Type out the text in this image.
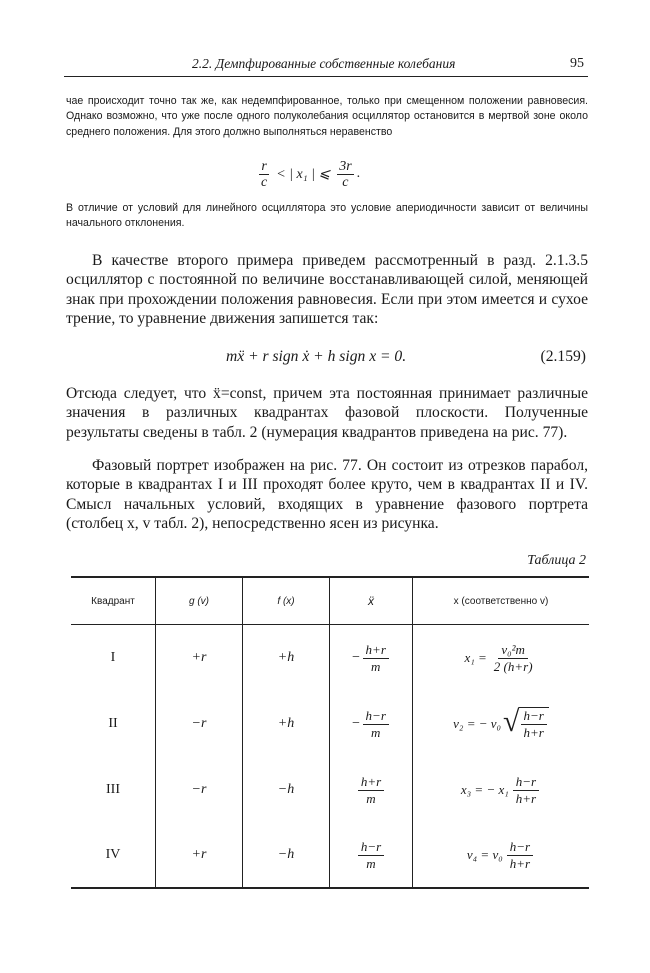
2.2. Демпфированные собственные колебания	95
чае происходит точно так же, как недемпфированное, только при смещенном положении равновесия. Однако возможно, что уже после одного полуколебания осциллятор остановится в мертвой зоне около среднего положения. Для этого должно выполняться неравенство
$\frac{r}{c}$ < | x₁ | ⩽ $\frac{3r}{c}$ .
В отличие от условий для линейного осциллятора это условие апериодичности зависит от величины начального отклонения.
В качестве второго примера приведем рассмотренный в разд. 2.1.3.5 осциллятор с постоянной по величине восстанавливающей силой, меняющей знак при прохождении положения равновесия. Если при этом имеется и сухое трение, то уравнение движения запишется так:
mẍ + r sign ẋ + h sign x = 0.	(2.159)
Отсюда следует, что ẍ=const, причем эта постоянная принимает различные значения в различных квадрантах фазовой плоскости. Полученные результаты сведены в табл. 2 (нумерация квадрантов приведена на рис. 77).
Фазовый портрет изображен на рис. 77. Он состоит из отрезков парабол, которые в квадрантах I и III проходят более круто, чем в квадрантах II и IV. Смысл начальных условий, входящих в уравнение фазового портрета (столбец x, v табл. 2), непосредственно ясен из рисунка.
Таблица 2
Квадрант	g (v)	f (x)	ẍ	x (соответственно v)
I	+r	+h	− $\frac{h+r}{m}$	$x_1 = \frac{\text{v₀²m}}{2 (h+r)}$
II	−r	+h	− $\frac{h-r}{m}$	v₂ = − v₀ √ $\frac{h-r}{h+r}$
III	−r	−h	$\frac{h+r}{m}$	x₃ = − $x_1 \frac{h-r}{h+r}$
IV	+r	−h	$\frac{h-r}{m}$	$v_4 = v_0 \frac{h-r}{h+r}$
